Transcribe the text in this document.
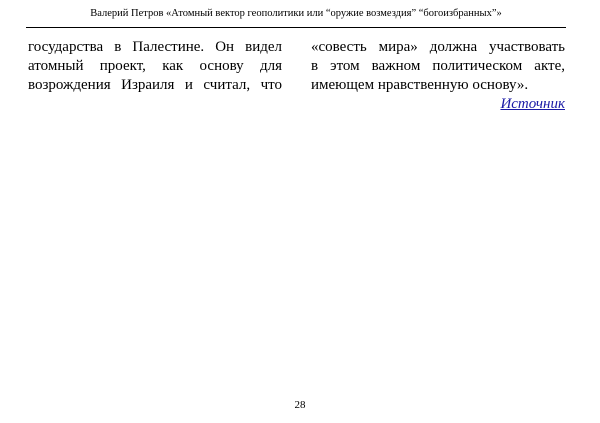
Валерий Петров «Атомный вектор геополитики или “оружие возмездия” “богоизбранных”»
государства в Палестине. Он видел
атомный проект, как основу для
возрождения Израиля и считал, что
«совесть мира» должна участвовать
в этом важном политическом акте,
имеющем нравственную основу».
Источник
28
